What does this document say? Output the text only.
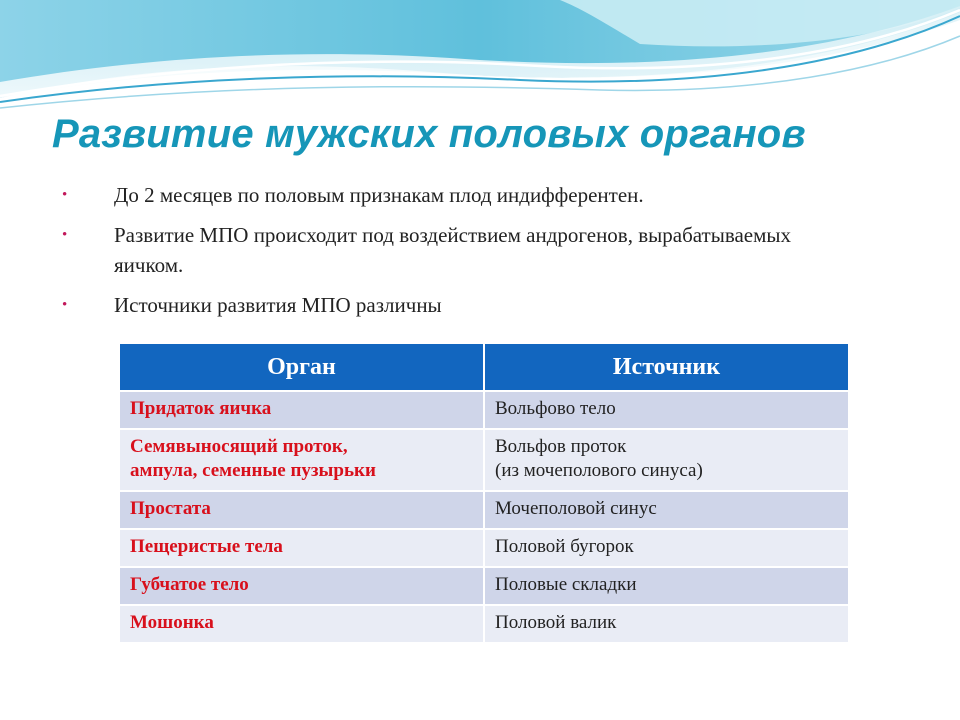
Развитие мужских половых органов
• До 2 месяцев по половым признакам плод индифферентен.
• Развитие МПО происходит под воздействием андрогенов, вырабатываемых яичком.
• Источники развития МПО различны
Орган	Источник

Придаток яичка	Вольфово тело

Семявыносящий проток,
ампула, семенные пузырьки	Вольфов проток
(из мочеполового синуса)

Простата	Мочеполовой синус

Пещеристые тела	Половой бугорок

Губчатое тело	Половые складки

Мошонка	Половой валик
